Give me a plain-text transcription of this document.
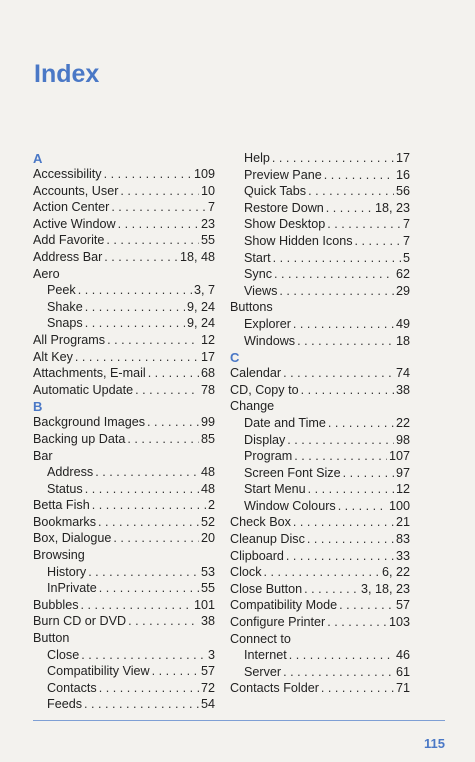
Index
A
Accessibility . . .	109
Accounts, User . . .	10
Action Center . . .	7
Active Window . . .	23
Add Favorite . . .	55
Address Bar . . .	18, 48
Aero
Peek . . .	3, 7
Shake . . .	9, 24
Snaps . . .	9, 24
All Programs . . .	12
Alt Key . . .	17
Attachments, E-mail . . .	68
Automatic Update . . .	78
B
Background Images . . .	99
Backing up Data . . .	85
Bar
Address . . .	48
Status . . .	48
Betta Fish . . .	2
Bookmarks . . .	52
Box, Dialogue . . .	20
Browsing
History . . .	53
InPrivate . . .	55
Bubbles . . .	101
Burn CD or DVD . . .	38
Button
Close . . .	3
Compatibility View . . .	57
Contacts . . .	72
Feeds . . .	54
Help . . .	17
Preview Pane . . .	16
Quick Tabs . . .	56
Restore Down . . .	18, 23
Show Desktop . . .	7
Show Hidden Icons . . .	7
Start . . .	5
Sync . . .	62
Views . . .	29
Buttons
Explorer . . .	49
Windows . . .	18
C
Calendar . . .	74
CD, Copy to . . .	38
Change
Date and Time . . .	22
Display . . .	98
Program . . .	107
Screen Font Size . . .	97
Start Menu . . .	12
Window Colours . . .	100
Check Box . . .	21
Cleanup Disc . . .	83
Clipboard . . .	33
Clock . . .	6, 22
Close Button . . .	3, 18, 23
Compatibility Mode . . .	57
Configure Printer . . .	103
Connect to
Internet . . .	46
Server . . .	61
Contacts Folder . . .	71
115
